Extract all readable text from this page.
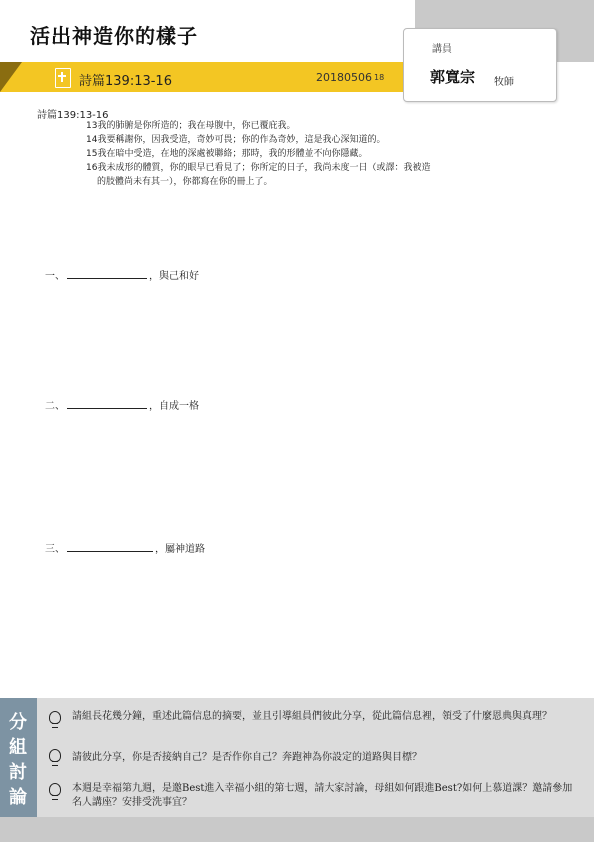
活出神造你的樣子
詩篇139:13-16	20180506 18
講員
郭寬宗 牧師
詩篇139:13-16
13我的肺腑是你所造的；我在母腹中，你已覆庇我。
14我要稱謝你，因我受造，奇妙可畏；你的作為奇妙，這是我心深知道的。
15我在暗中受造，在地的深處被聯絡；那時，我的形體並不向你隱藏。
16我未成形的體質，你的眼早已看見了；你所定的日子，我尚未度一日（或譯：我被造
的肢體尚未有其一），你都寫在你的冊上了。
一、	，與己和好
二、	，自成一格
三、	，屬神道路
分
組
討
論
請組長花幾分鐘，重述此篇信息的摘要，並且引導組員們彼此分享，從此篇信息裡，領受了什麼恩典與真理？
請彼此分享，你是否接納自己？是否作你自己？奔跑神為你設定的道路與目標？
本週是幸福第九週，是邀Best進入幸福小組的第七週，請大家討論，母組如何跟進Best?如何上慕道課？邀請參加名人講座？安排受洗事宜？
